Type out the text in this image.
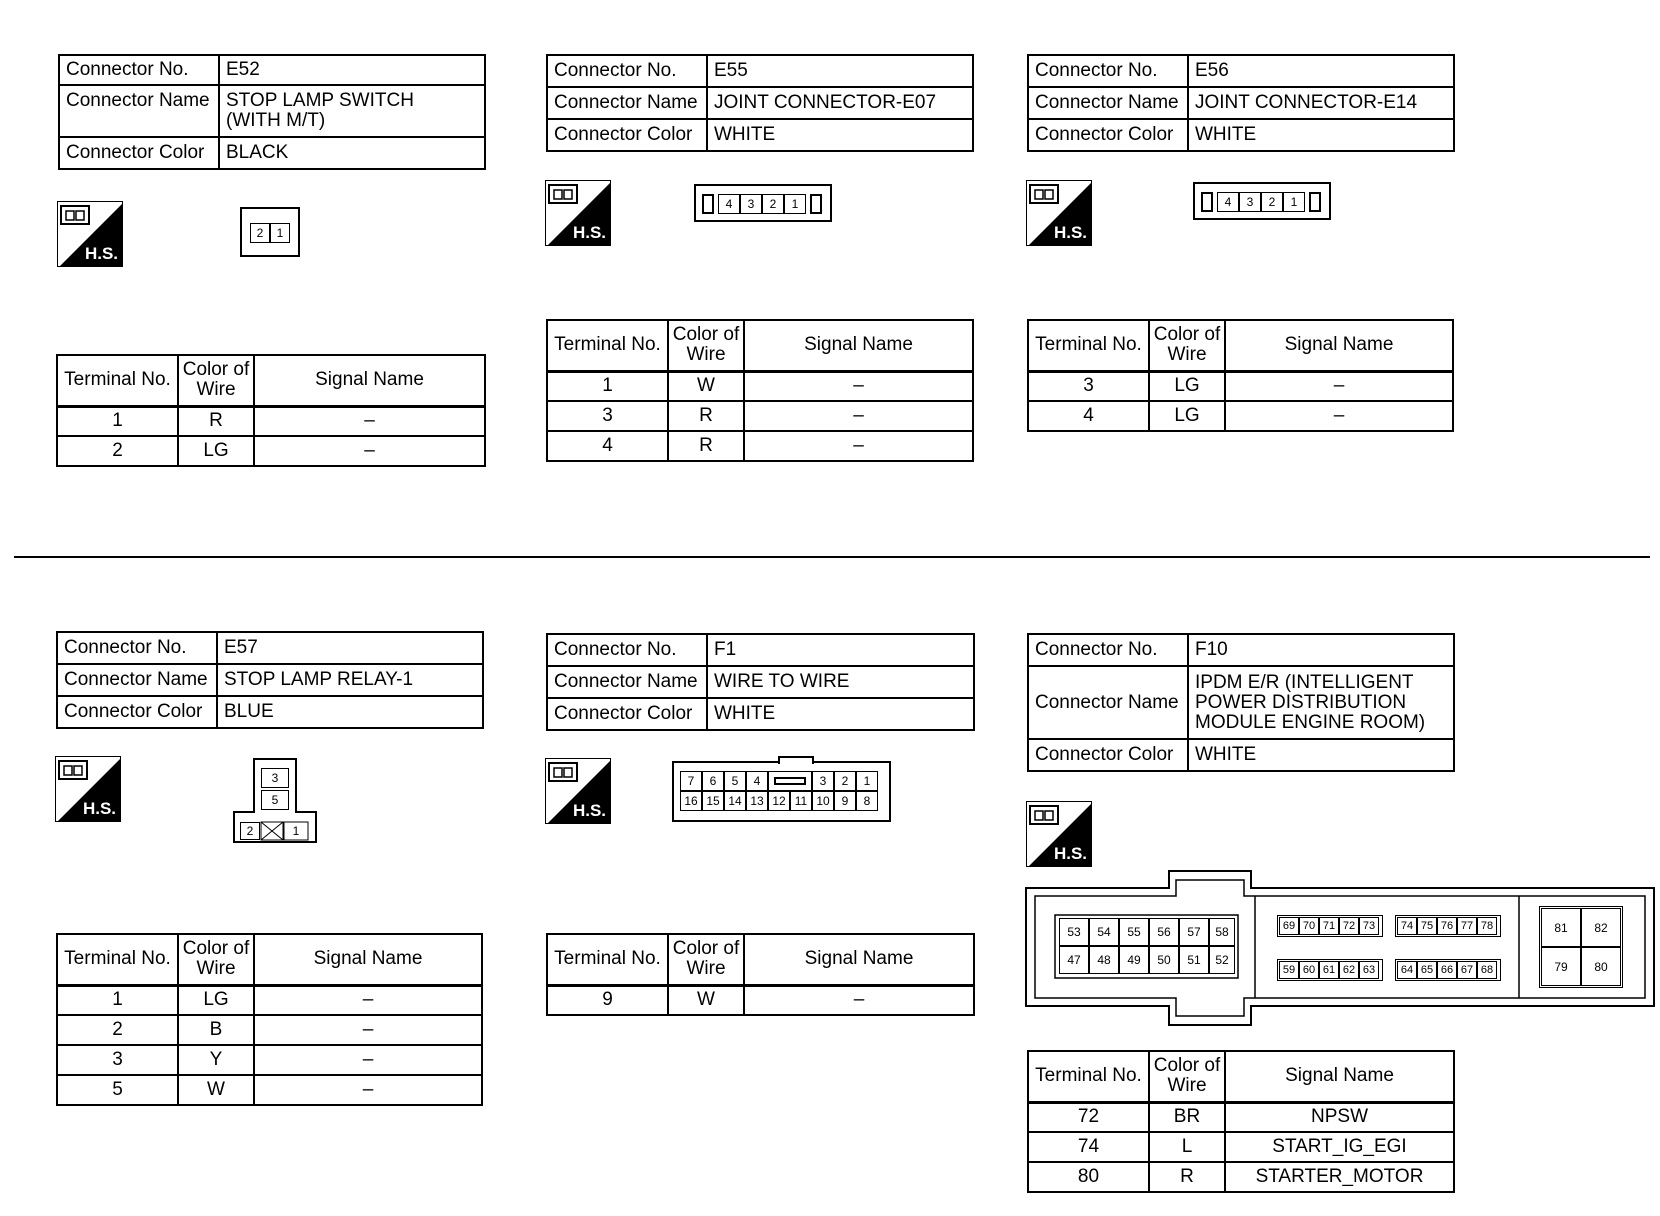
Connector No.	E52
Connector Name	STOP LAMP SWITCH (WITH M/T)
Connector Color	BLACK
H.S.
2	1
Terminal No.	Color of Wire	Signal Name
1	R	–
2	LG	–
Connector No.	E55
Connector Name	JOINT CONNECTOR-E07
Connector Color	WHITE
H.S.
4	3	2	1
Terminal No.	Color of Wire	Signal Name
1	W	–
3	R	–
4	R	–
Connector No.	E56
Connector Name	JOINT CONNECTOR-E14
Connector Color	WHITE
H.S.
4	3	2	1
Terminal No.	Color of Wire	Signal Name
3	LG	–
4	LG	–
Connector No.	E57
Connector Name	STOP LAMP RELAY-1
Connector Color	BLUE
H.S.
3
5
2	1
Terminal No.	Color of Wire	Signal Name
1	LG	–
2	B	–
3	Y	–
5	W	–
Connector No.	F1
Connector Name	WIRE TO WIRE
Connector Color	WHITE
H.S.
7	6	5	4	3	2	1
16 15 14 13 12 11 10 9	8
Terminal No.	Color of Wire	Signal Name
9	W	–
Connector No.	F10
Connector Name	IPDM E/R (INTELLIGENT POWER DISTRIBUTION MODULE ENGINE ROOM)
Connector Color	WHITE
H.S.
53	54	55	56	57	58
47	48	49	50	51	52
69 70 71 72 73	74 75 76 77 78
59 60 61 62 63	64 65 66 67 68
81	82
79	80
Terminal No.	Color of Wire	Signal Name
72	BR	NPSW
74	L	START_IG_EGI
80	R	STARTER_MOTOR
